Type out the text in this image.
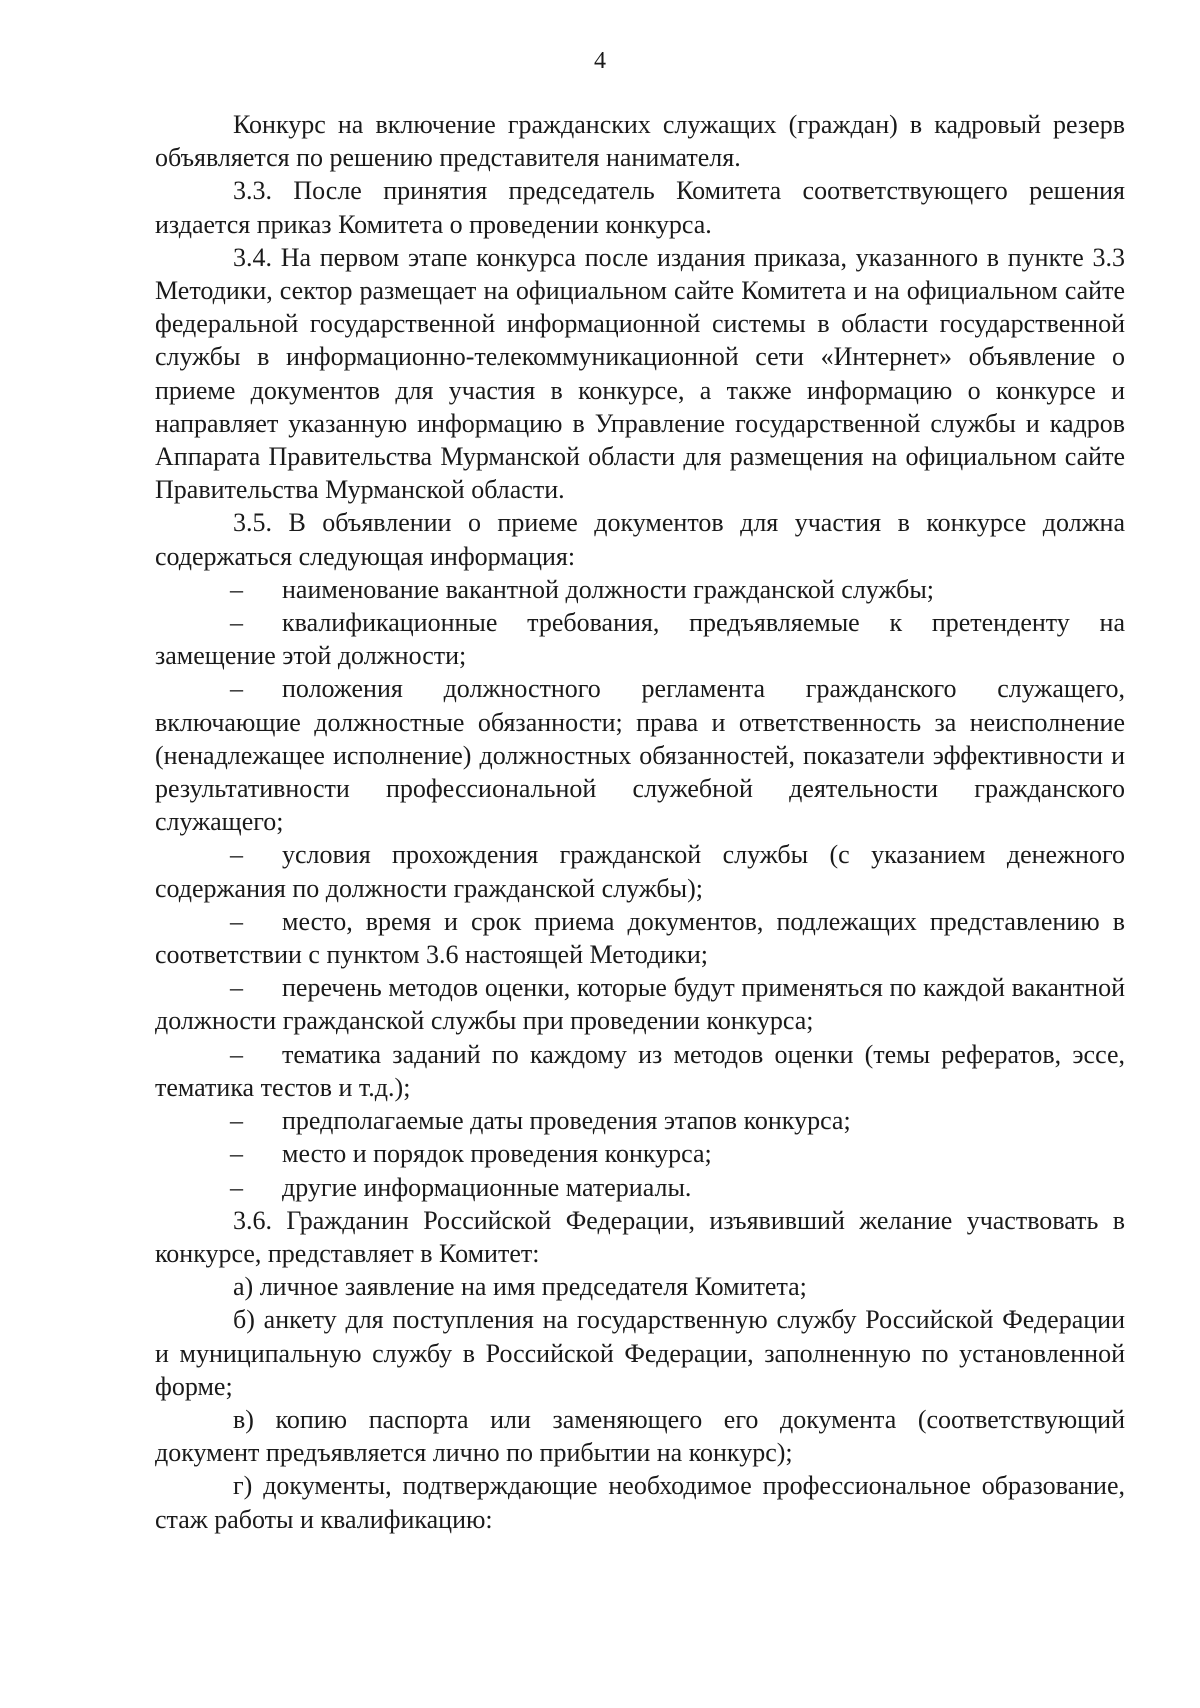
4

Конкурс на включение гражданских служащих (граждан) в кадровый резерв объявляется по решению представителя нанимателя.

3.3. После принятия председатель Комитета соответствующего решения издается приказ Комитета о проведении конкурса.

3.4. На первом этапе конкурса после издания приказа, указанного в пункте 3.3 Методики, сектор размещает на официальном сайте Комитета и на официальном сайте федеральной государственной информационной системы в области государственной службы в информационно-телекоммуникационной сети «Интернет» объявление о приеме документов для участия в конкурсе, а также информацию о конкурсе и направляет указанную информацию в Управление государственной службы и кадров Аппарата Правительства Мурманской области для размещения на официальном сайте Правительства Мурманской области.

3.5. В объявлении о приеме документов для участия в конкурсе должна содержаться следующая информация:

– наименование вакантной должности гражданской службы;

– квалификационные требования, предъявляемые к претенденту на замещение этой должности;

– положения должностного регламента гражданского служащего, включающие должностные обязанности; права и ответственность за неисполнение (ненадлежащее исполнение) должностных обязанностей, показатели эффективности и результативности профессиональной служебной деятельности гражданского служащего;

– условия прохождения гражданской службы (с указанием денежного содержания по должности гражданской службы);

– место, время и срок приема документов, подлежащих представлению в соответствии с пунктом 3.6 настоящей Методики;

– перечень методов оценки, которые будут применяться по каждой вакантной должности гражданской службы при проведении конкурса;

– тематика заданий по каждому из методов оценки (темы рефератов, эссе, тематика тестов и т.д.);

– предполагаемые даты проведения этапов конкурса;

– место и порядок проведения конкурса;

– другие информационные материалы.

3.6. Гражданин Российской Федерации, изъявивший желание участвовать в конкурсе, представляет в Комитет:

а) личное заявление на имя председателя Комитета;

б) анкету для поступления на государственную службу Российской Федерации и муниципальную службу в Российской Федерации, заполненную по установленной форме;

в) копию паспорта или заменяющего его документа (соответствующий документ предъявляется лично по прибытии на конкурс);

г) документы, подтверждающие необходимое профессиональное образование, стаж работы и квалификацию:
